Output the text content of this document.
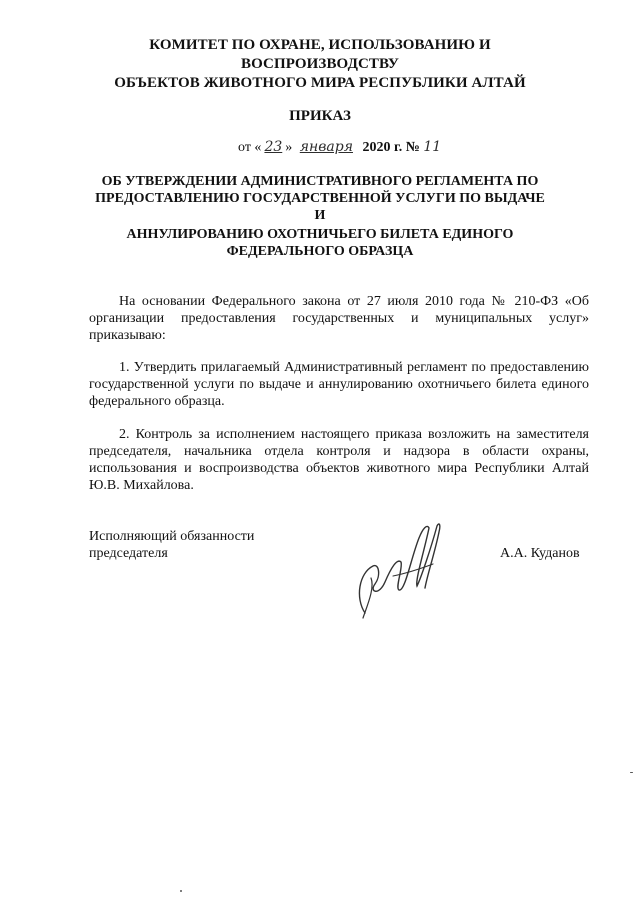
КОМИТЕТ ПО ОХРАНЕ, ИСПОЛЬЗОВАНИЮ И
ВОСПРОИЗВОДСТВУ
ОБЪЕКТОВ ЖИВОТНОГО МИРА РЕСПУБЛИКИ АЛТАЙ
ПРИКАЗ
от « 23 » января 2020 г. № 11
ОБ УТВЕРЖДЕНИИ АДМИНИСТРАТИВНОГО РЕГЛАМЕНТА ПО
ПРЕДОСТАВЛЕНИЮ ГОСУДАРСТВЕННОЙ УСЛУГИ ПО ВЫДАЧЕ
И
АННУЛИРОВАНИЮ ОХОТНИЧЬЕГО БИЛЕТА ЕДИНОГО
ФЕДЕРАЛЬНОГО ОБРАЗЦА
На основании Федерального закона от 27 июля 2010 года № 210-ФЗ «Об организации предоставления государственных и муниципальных услуг» приказываю:
1. Утвердить прилагаемый Административный регламент по предоставлению государственной услуги по выдаче и аннулированию охотничьего билета единого федерального образца.
2. Контроль за исполнением настоящего приказа возложить на заместителя председателя, начальника отдела контроля и надзора в области охраны, использования и воспроизводства объектов животного мира Республики Алтай Ю.В. Михайлова.
Исполняющий обязанности
председателя	А.А. Куданов
